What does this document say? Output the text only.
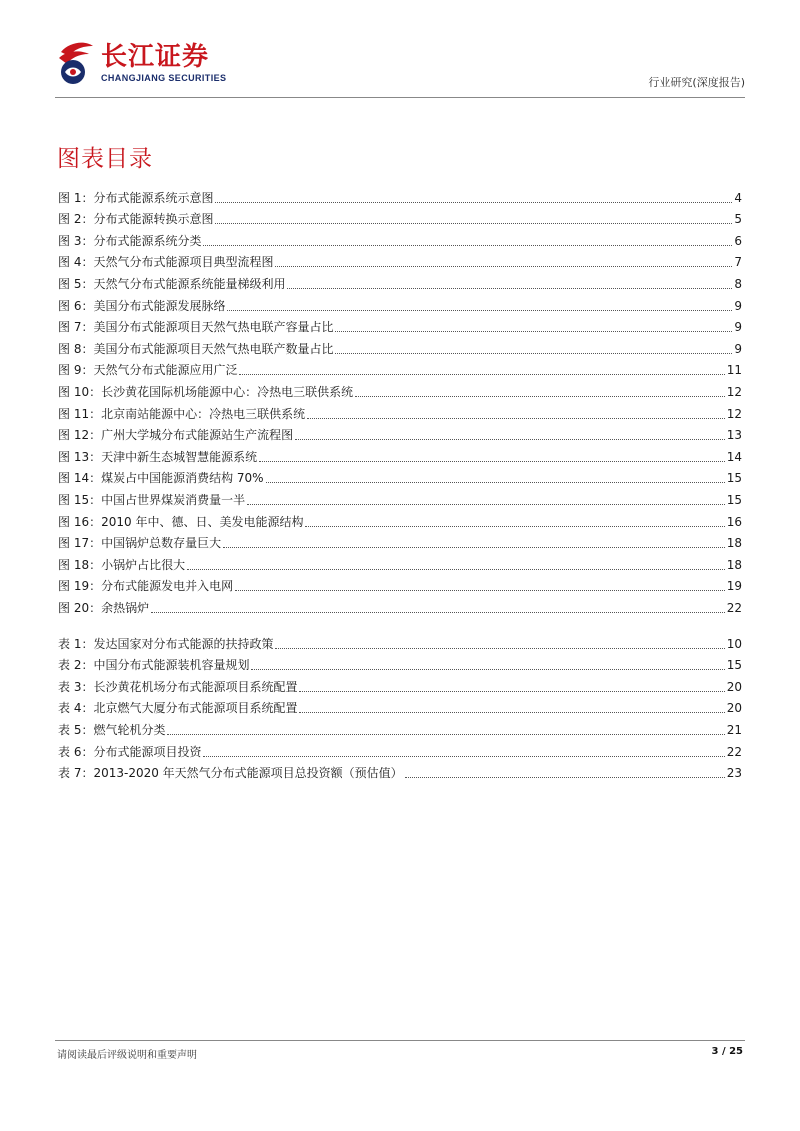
长江证券
CHANGJIANG SECURITIES	行业研究(深度报告)
图表目录
图 1：分布式能源系统示意图	4
图 2：分布式能源转换示意图	5
图 3：分布式能源系统分类	6
图 4：天然气分布式能源项目典型流程图	7
图 5：天然气分布式能源系统能量梯级利用	8
图 6：美国分布式能源发展脉络	9
图 7：美国分布式能源项目天然气热电联产容量占比	9
图 8：美国分布式能源项目天然气热电联产数量占比	9
图 9：天然气分布式能源应用广泛	11
图 10：长沙黄花国际机场能源中心：冷热电三联供系统	12
图 11：北京南站能源中心：冷热电三联供系统	12
图 12：广州大学城分布式能源站生产流程图	13
图 13：天津中新生态城智慧能源系统	14
图 14：煤炭占中国能源消费结构 70%	15
图 15：中国占世界煤炭消费量一半	15
图 16：2010 年中、德、日、美发电能源结构	16
图 17：中国锅炉总数存量巨大	18
图 18：小锅炉占比很大	18
图 19：分布式能源发电并入电网	19
图 20：余热锅炉	22
表 1：发达国家对分布式能源的扶持政策	10
表 2：中国分布式能源装机容量规划	15
表 3：长沙黄花机场分布式能源项目系统配置	20
表 4：北京燃气大厦分布式能源项目系统配置	20
表 5：燃气轮机分类	21
表 6：分布式能源项目投资	22
表 7：2013-2020 年天然气分布式能源项目总投资额（预估值）	23
请阅读最后评级说明和重要声明	3 / 25
